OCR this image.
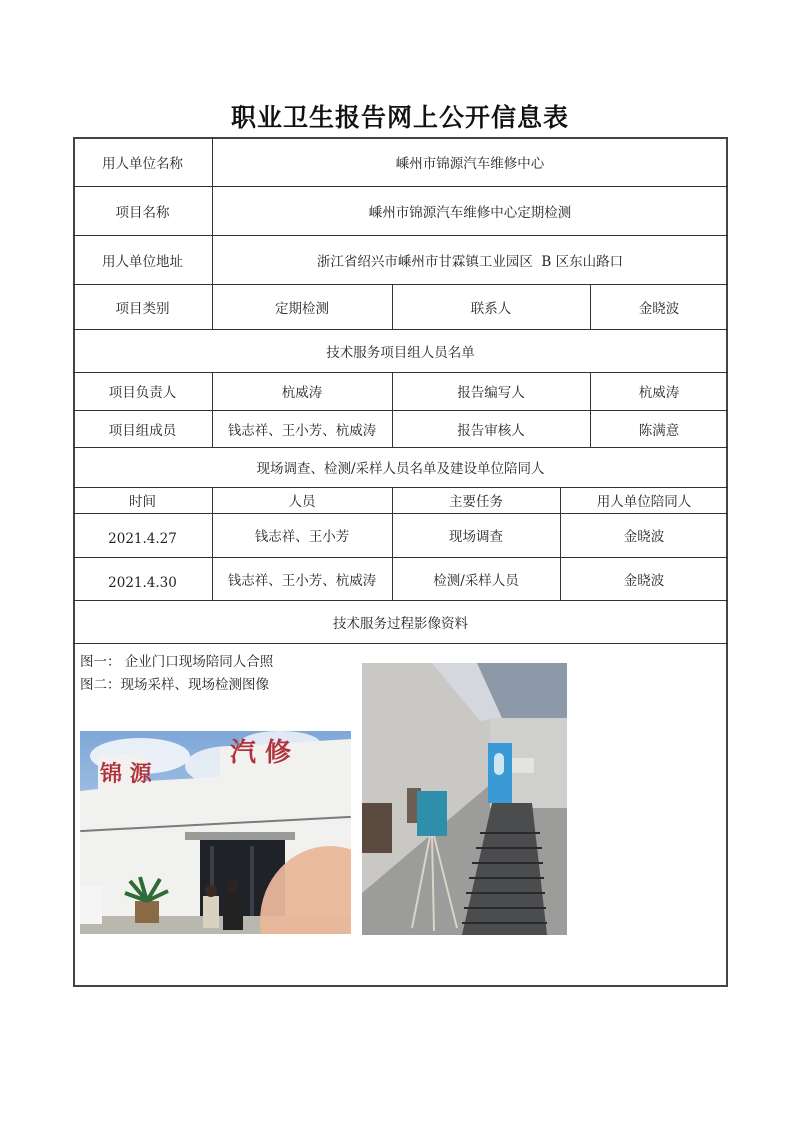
职业卫生报告网上公开信息表
用人单位名称	嵊州市锦源汽车维修中心
项目名称	嵊州市锦源汽车维修中心定期检测
用人单位地址	浙江省绍兴市嵊州市甘霖镇工业园区  B 区东山路口
项目类别	定期检测	联系人	金晓波
技术服务项目组人员名单
项目负责人	杭威涛	报告编写人	杭威涛
项目组成员	钱志祥、王小芳、杭威涛	报告审核人	陈满意
现场调查、检测/采样人员名单及建设单位陪同人
时间	人员	主要任务	用人单位陪同人
2021.4.27	钱志祥、王小芳	现场调查	金晓波
2021.4.30	钱志祥、王小芳、杭威涛	检测/采样人员	金晓波
技术服务过程影像资料
图一： 企业门口现场陪同人合照
图二：现场采样、现场检测图像
锦 源
汽 修
